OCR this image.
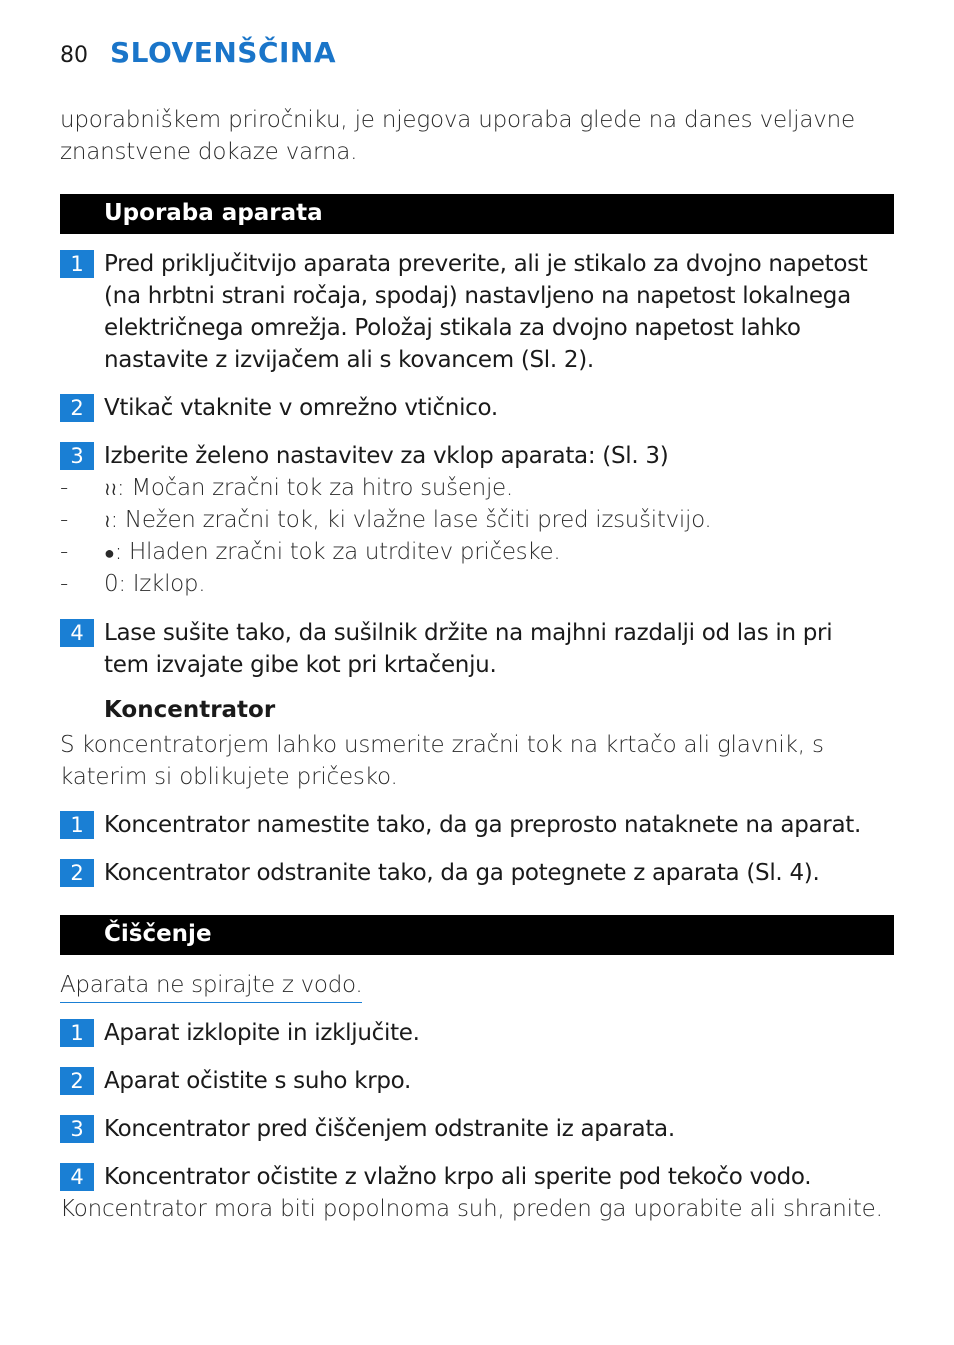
80 SLOVENŠČINA
uporabniškem priročniku, je njegova uporaba glede na danes veljavne
znanstvene dokaze varna.
Uporaba aparata
1 Pred priključitvijo aparata preverite, ali je stikalo za dvojno napetost
(na hrbtni strani ročaja, spodaj) nastavljeno na napetost lokalnega
električnega omrežja. Položaj stikala za dvojno napetost lahko
nastavite z izvijačem ali s kovancem (Sl. 2).
2 Vtikač vtaknite v omrežno vtičnico.
3 Izberite želeno nastavitev za vklop aparata: (Sl. 3)
- ≀≀: Močan zračni tok za hitro sušenje.
- ≀: Nežen zračni tok, ki vlažne lase ščiti pred izsušitvijo.
- ●: Hladen zračni tok za utrditev pričeske.
- 0: Izklop.
4 Lase sušite tako, da sušilnik držite na majhni razdalji od las in pri
tem izvajate gibe kot pri krtačenju.
Koncentrator
S koncentratorjem lahko usmerite zračni tok na krtačo ali glavnik, s
katerim si oblikujete pričesko.
1 Koncentrator namestite tako, da ga preprosto nataknete na aparat.
2 Koncentrator odstranite tako, da ga potegnete z aparata (Sl. 4).
Čiščenje
Aparata ne spirajte z vodo.
1 Aparat izklopite in izključite.
2 Aparat očistite s suho krpo.
3 Koncentrator pred čiščenjem odstranite iz aparata.
4 Koncentrator očistite z vlažno krpo ali sperite pod tekočo vodo.
Koncentrator mora biti popolnoma suh, preden ga uporabite ali shranite.
